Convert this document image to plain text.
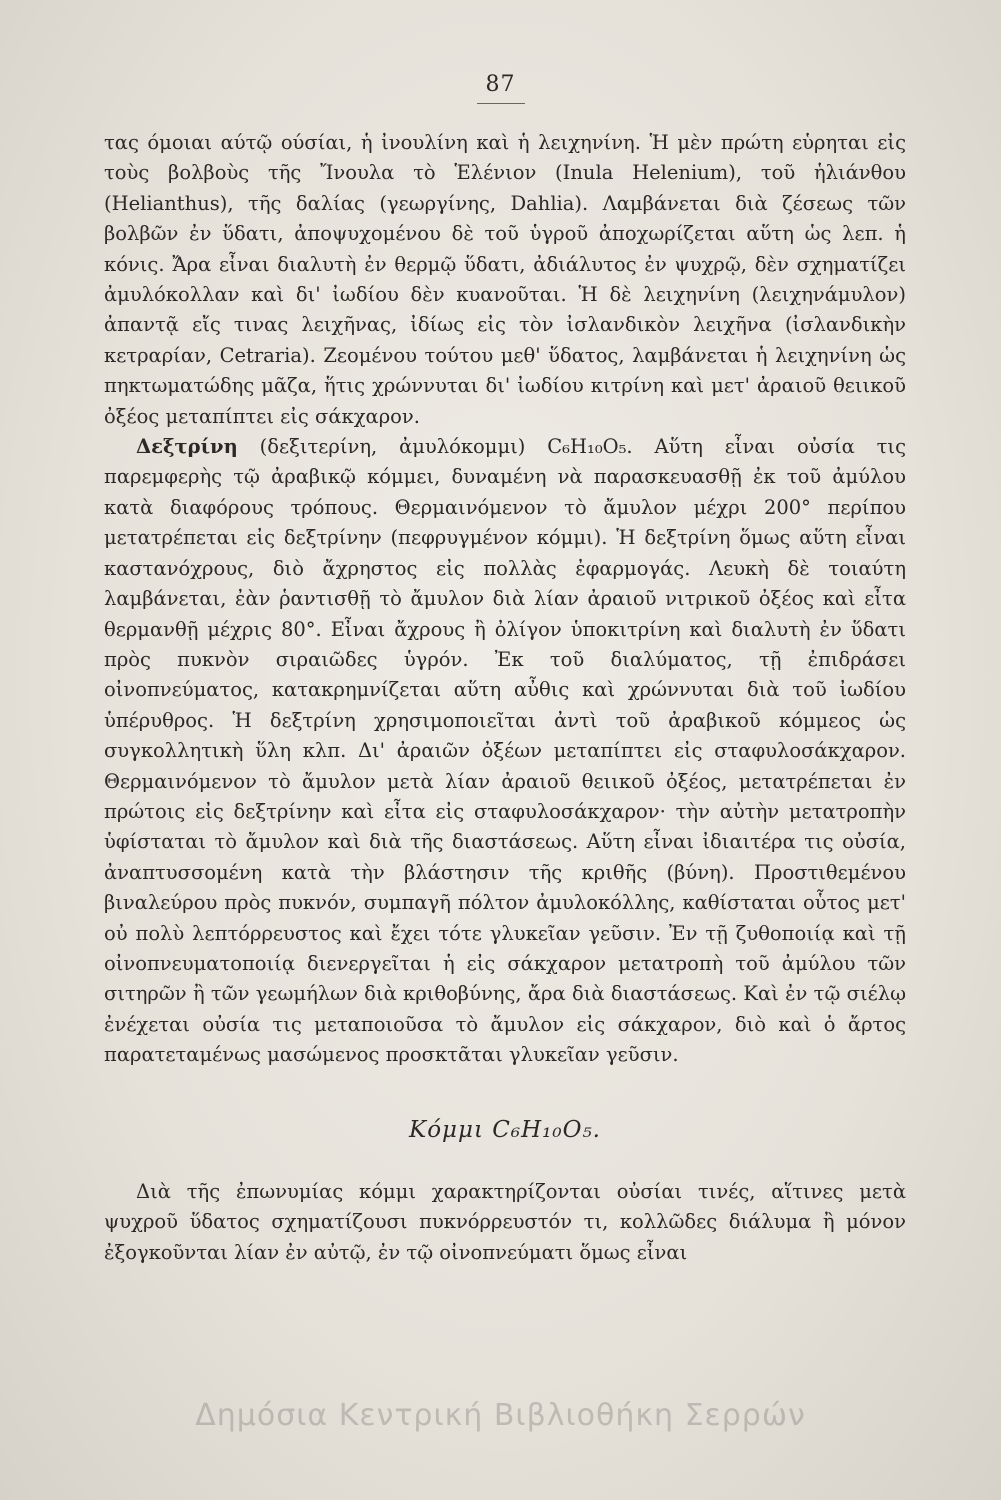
87

τας όμοιαι αύτῷ ούσίαι, ἡ ἰνουλίνη καὶ ἡ λειχηνίνη. Ἡ μὲν πρώτη εὑρηται εἰς τοὺς βολβοὺς τῆς Ἴνουλα τὸ Ἑλένιον (Inula Helenium), τοῦ ἡλιάνθου (Helianthus), τῆς δαλίας (γεωργίνης, Dahlia). Λαμβάνεται διὰ ζέσεως τῶν βολβῶν ἐν ὕδατι, ἀποψυχομένου δὲ τοῦ ὑγροῦ ἀποχωρίζεται αὕτη ὡς λεπ. ἡ κόνις. Ἄρα εἶναι διαλυτὴ ἐν θερμῷ ὕδατι, ἀδιάλυτος ἐν ψυχρῷ, δὲν σχηματίζει ἀμυλόκολλαν καὶ δι' ἰωδίου δὲν κυανοῦται. Ἡ δὲ λειχηνίνη (λειχηνάμυλον) ἀπαντᾷ εἴς τινας λειχῆνας, ἰδίως εἰς τὸν ἰσλανδικὸν λειχῆνα (ἰσλανδικὴν κετραρίαν, Cetraria). Ζεομένου τούτου μεθ' ὕδατος, λαμβάνεται ἡ λειχηνίνη ὡς πηκτωματώδης μᾶζα, ἥτις χρώννυται δι' ἰωδίου κιτρίνη καὶ μετ' ἀραιοῦ θειικοῦ ὀξέος μεταπίπτει εἰς σάκχαρον.

Δεξτρίνη (δεξιτερίνη, ἀμυλόκομμι) C₆H₁₀O₅. Αὕτη εἶναι οὐσία τις παρεμφερὴς τῷ ἀραβικῷ κόμμει, δυναμένη νὰ παρασκευασθῇ ἐκ τοῦ ἀμύλου κατὰ διαφόρους τρόπους. Θερμαινόμενον τὸ ἄμυλον μέχρι 200° περίπου μετατρέπεται εἰς δεξτρίνην (πεφρυγμένον κόμμι). Ἡ δεξτρίνη ὅμως αὕτη εἶναι καστανόχρους, διὸ ἄχρηστος εἰς πολλὰς ἐφαρμογάς. Λευκὴ δὲ τοιαύτη λαμβάνεται, ἐὰν ῥαντισθῇ τὸ ἄμυλον διὰ λίαν ἀραιοῦ νιτρικοῦ ὀξέος καὶ εἶτα θερμανθῇ μέχρις 80°. Εἶναι ἄχρους ἢ ὀλίγον ὑποκιτρίνη καὶ διαλυτὴ ἐν ὕδατι πρὸς πυκνὸν σιραιῶδες ὑγρόν. Ἐκ τοῦ διαλύματος, τῇ ἐπιδράσει οἰνοπνεύματος, κατακρημνίζεται αὕτη αὖθις καὶ χρώννυται διὰ τοῦ ἰωδίου ὑπέρυθρος. Ἡ δεξτρίνη χρησιμοποιεῖται ἀντὶ τοῦ ἀραβικοῦ κόμμεος ὡς συγκολλητικὴ ὕλη κλπ. Δι' ἀραιῶν ὀξέων μεταπίπτει εἰς σταφυλοσάκχαρον. Θερμαινόμενον τὸ ἄμυλον μετὰ λίαν ἀραιοῦ θειικοῦ ὀξέος, μετατρέπεται ἐν πρώτοις εἰς δεξτρίνην καὶ εἶτα εἰς σταφυλοσάκχαρον· τὴν αὐτὴν μετατροπὴν ὑφίσταται τὸ ἄμυλον καὶ διὰ τῆς διαστάσεως. Αὕτη εἶναι ἰδιαιτέρα τις οὐσία, ἀναπτυσσομένη κατὰ τὴν βλάστησιν τῆς κριθῆς (βύνη). Προστιθεμένου βιναλεύρου πρὸς πυκνόν, συμπαγῆ πόλτον ἀμυλοκόλλης, καθίσταται οὗτος μετ' οὐ πολὺ λεπτόρρευστος καὶ ἔχει τότε γλυκεῖαν γεῦσιν. Ἐν τῇ ζυθοποιίᾳ καὶ τῇ οἰνοπνευματοποιίᾳ διενεργεῖται ἡ εἰς σάκχαρον μετατροπὴ τοῦ ἀμύλου τῶν σιτηρῶν ἢ τῶν γεωμήλων διὰ κριθοβύνης, ἄρα διὰ διαστάσεως. Καὶ ἐν τῷ σιέλῳ ἐνέχεται οὐσία τις μεταποιοῦσα τὸ ἄμυλον εἰς σάκχαρον, διὸ καὶ ὁ ἄρτος παρατεταμένως μασώμενος προσκτᾶται γλυκεῖαν γεῦσιν.

Κόμμι C₆H₁₀O₅.

Διὰ τῆς ἐπωνυμίας κόμμι χαρακτηρίζονται οὐσίαι τινές, αἵτινες μετὰ ψυχροῦ ὕδατος σχηματίζουσι πυκνόρρευστόν τι, κολλῶδες διάλυμα ἢ μόνον ἐξογκοῦνται λίαν ἐν αὐτῷ, ἐν τῷ οἰνοπνεύματι ὅμως εἶναι

Δημόσια Κεντρική Βιβλιοθήκη Σερρών
